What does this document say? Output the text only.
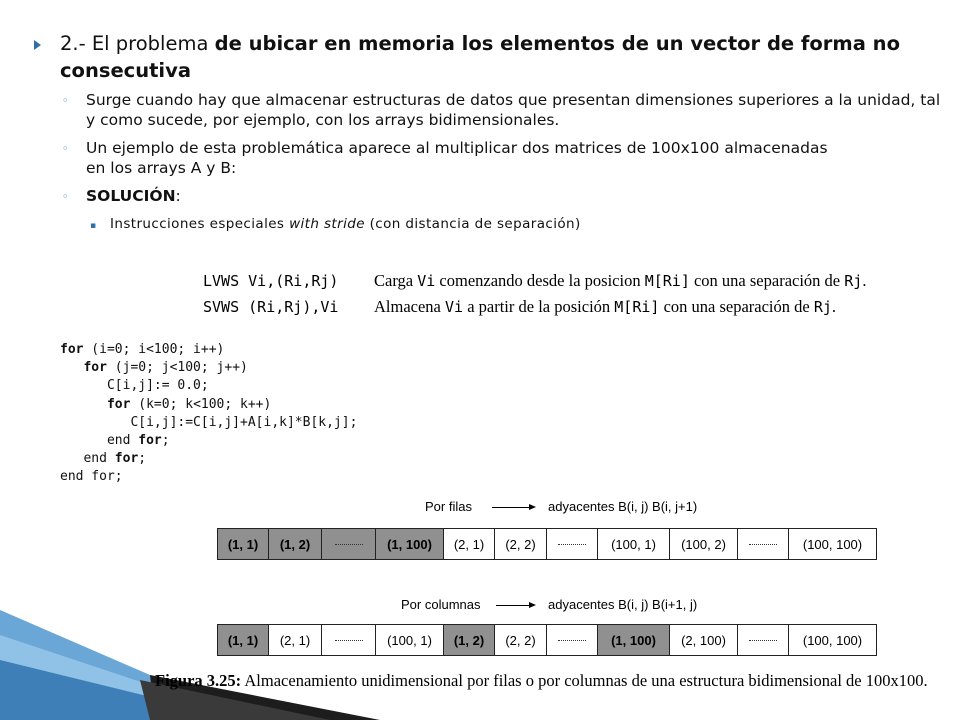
2.- El problema de ubicar en memoria los elementos de un vector de forma no consecutiva
◦ Surge cuando hay que almacenar estructuras de datos que presentan dimensiones superiores a la unidad, tal y como sucede, por ejemplo, con los arrays bidimensionales.
◦ Un ejemplo de esta problemática aparece al multiplicar dos matrices de 100x100 almacenadas en los arrays A y B:
◦ SOLUCIÓN:
▪ Instrucciones especiales with stride (con distancia de separación)
LVWS Vi,(Ri,Rj) Carga Vi comenzando desde la posicion M[Ri] con una separación de Rj.
SVWS (Ri,Rj),Vi Almacena Vi a partir de la posición M[Ri] con una separación de Rj.
for (i=0; i<100; i++)
for (j=0; j<100; j++)
C[i,j]:= 0.0;
for (k=0; k<100; k++)
C[i,j]:=C[i,j]+A[i,k]*B[k,j];
end for;
end for;
end for;
Por filas	adyacentes B(i, j) B(i, j+1)
(1, 1) (1, 2)	(1, 100) (2, 1) (2, 2)	(100, 1) (100, 2)	(100, 100)
Por columnas	adyacentes B(i, j) B(i+1, j)
(1, 1) (2, 1)	(100, 1) (1, 2) (2, 2)	(1, 100) (2, 100)	(100, 100)
Figura 3.25: Almacenamiento unidimensional por filas o por columnas de una estructura bidimensional de 100x100.
